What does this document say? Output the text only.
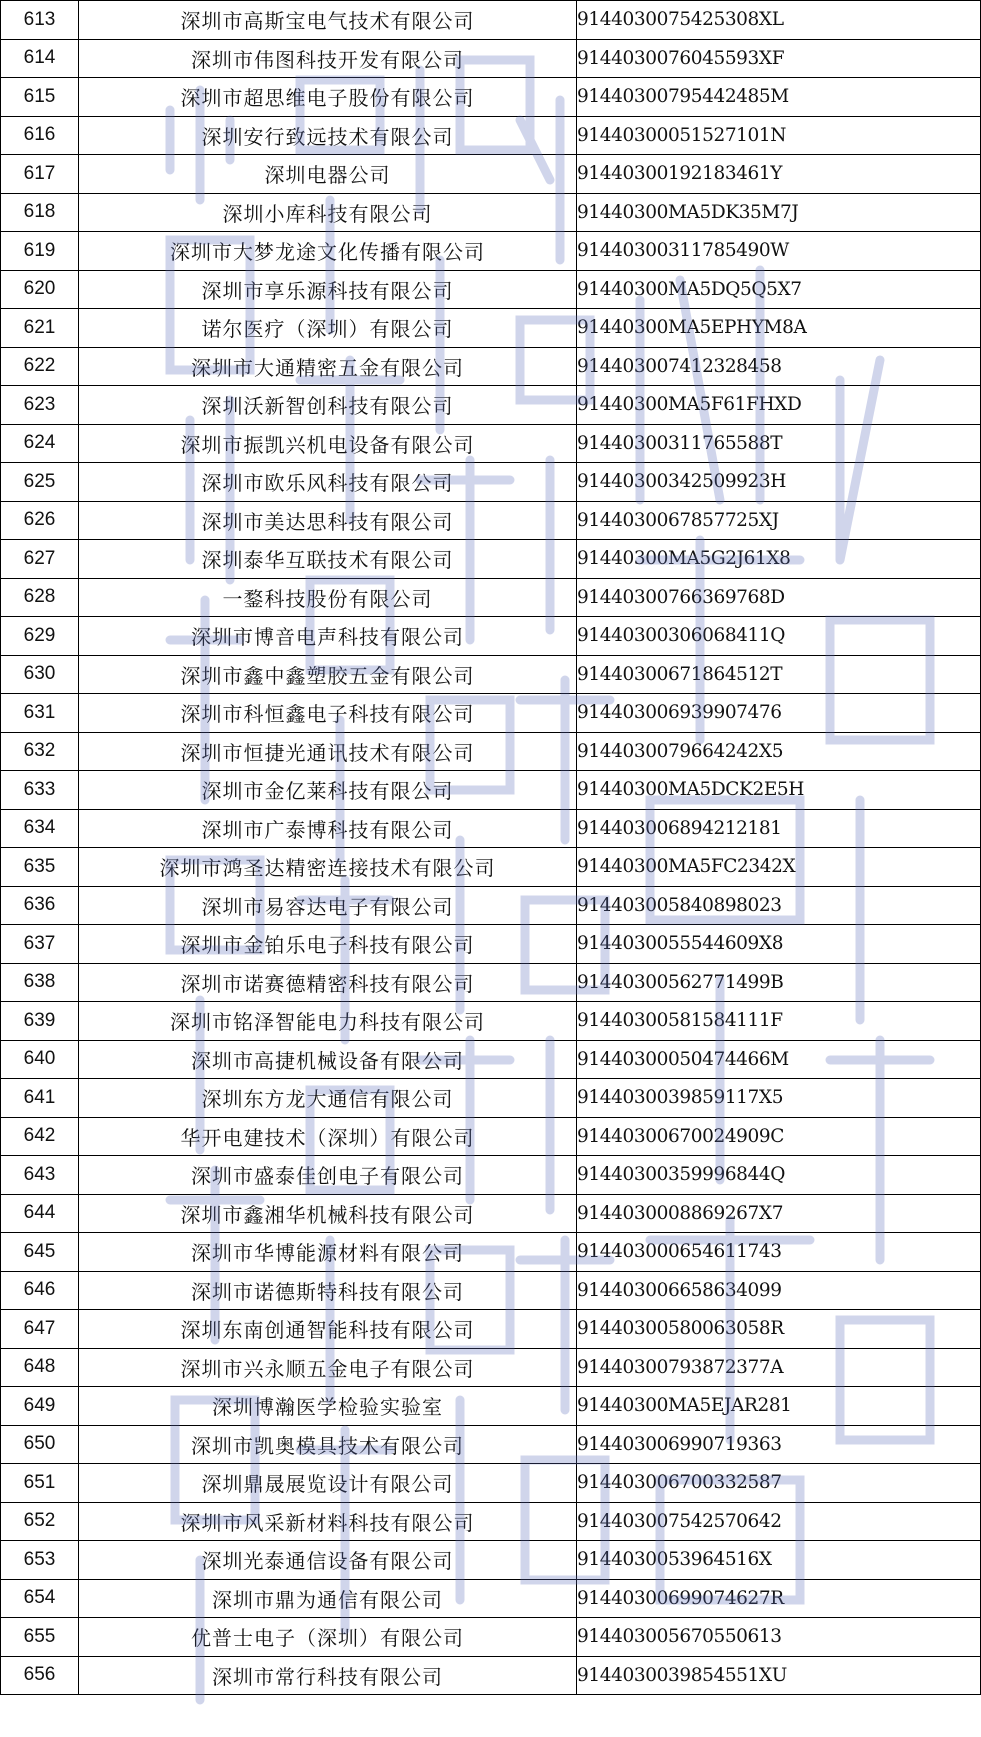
613	深圳市高斯宝电气技术有限公司	9144030075425308XL
614	深圳市伟图科技开发有限公司	9144030076045593XF
615	深圳市超思维电子股份有限公司	91440300795442485M
616	深圳安行致远技术有限公司	91440300051527101N
617	深圳电器公司	91440300192183461Y
618	深圳小库科技有限公司	91440300MA5DK35M7J
619	深圳市大梦龙途文化传播有限公司	91440300311785490W
620	深圳市享乐源科技有限公司	91440300MA5DQ5Q5X7
621	诺尔医疗（深圳）有限公司	91440300MA5EPHYM8A
622	深圳市大通精密五金有限公司	914403007412328458
623	深圳沃新智创科技有限公司	91440300MA5F61FHXD
624	深圳市振凯兴机电设备有限公司	91440300311765588T
625	深圳市欧乐风科技有限公司	91440300342509923H
626	深圳市美达思科技有限公司	9144030067857725XJ
627	深圳泰华互联技术有限公司	91440300MA5G2J61X8
628	一鍪科技股份有限公司	91440300766369768D
629	深圳市博音电声科技有限公司	91440300306068411Q
630	深圳市鑫中鑫塑胶五金有限公司	91440300671864512T
631	深圳市科恒鑫电子科技有限公司	914403006939907476
632	深圳市恒捷光通讯技术有限公司	9144030079664242X5
633	深圳市金亿莱科技有限公司	91440300MA5DCK2E5H
634	深圳市广泰博科技有限公司	914403006894212181
635	深圳市鸿圣达精密连接技术有限公司	91440300MA5FC2342X
636	深圳市易容达电子有限公司	914403005840898023
637	深圳市金铂乐电子科技有限公司	9144030055544609X8
638	深圳市诺赛德精密科技有限公司	91440300562771499B
639	深圳市铭泽智能电力科技有限公司	91440300581584111F
640	深圳市高捷机械设备有限公司	91440300050474466M
641	深圳东方龙大通信有限公司	9144030039859117X5
642	华开电建技术（深圳）有限公司	91440300670024909C
643	深圳市盛泰佳创电子有限公司	91440300359996844Q
644	深圳市鑫湘华机械科技有限公司	9144030008869267X7
645	深圳市华博能源材料有限公司	914403000654611743
646	深圳市诺德斯特科技有限公司	914403006658634099
647	深圳东南创通智能科技有限公司	91440300580063058R
648	深圳市兴永顺五金电子有限公司	91440300793872377A
649	深圳博瀚医学检验实验室	91440300MA5EJAR281
650	深圳市凯奥模具技术有限公司	914403006990719363
651	深圳鼎晟展览设计有限公司	914403006700332587
652	深圳市风采新材料科技有限公司	914403007542570642
653	深圳光泰通信设备有限公司	9144030053964516X
654	深圳市鼎为通信有限公司	91440300699074627R
655	优普士电子（深圳）有限公司	914403005670550613
656	深圳市常行科技有限公司	9144030039854551XU
